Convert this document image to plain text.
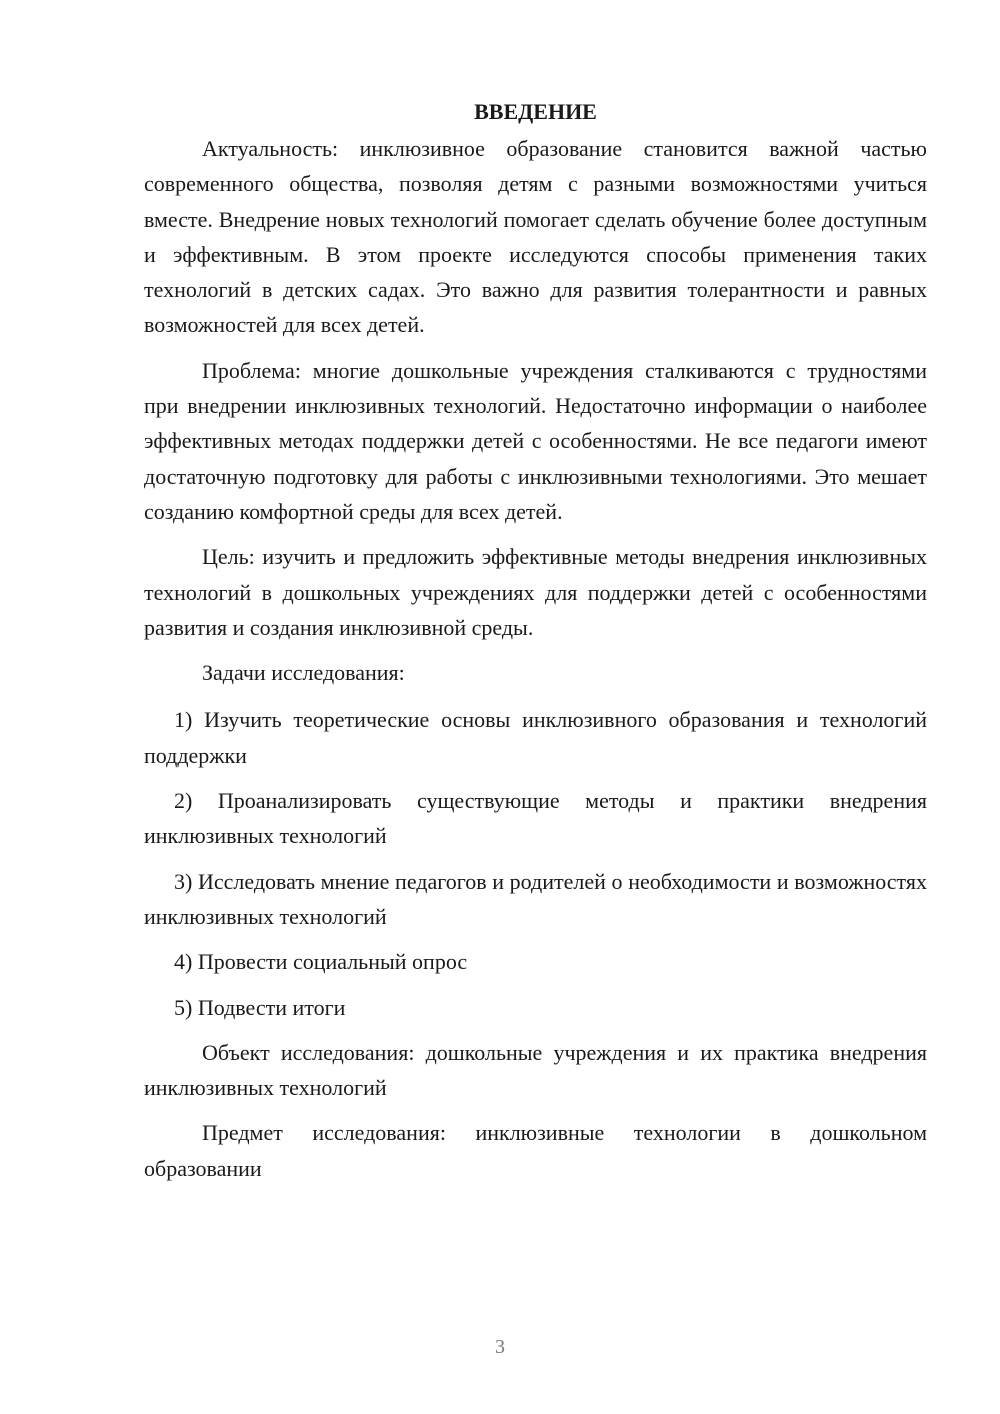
ВВЕДЕНИЕ

Актуальность: инклюзивное образование становится важной частью современного общества, позволяя детям с разными возможностями учиться вместе. Внедрение новых технологий помогает сделать обучение более доступным и эффективным. В этом проекте исследуются способы применения таких технологий в детских садах. Это важно для развития толерантности и равных возможностей для всех детей.

Проблема: многие дошкольные учреждения сталкиваются с трудностями при внедрении инклюзивных технологий. Недостаточно информации о наиболее эффективных методах поддержки детей с особенностями. Не все педагоги имеют достаточную подготовку для работы с инклюзивными технологиями. Это мешает созданию комфортной среды для всех детей.

Цель: изучить и предложить эффективные методы внедрения инклюзивных технологий в дошкольных учреждениях для поддержки детей с особенностями развития и создания инклюзивной среды.

Задачи исследования:

1) Изучить теоретические основы инклюзивного образования и технологий поддержки

2) Проанализировать существующие методы и практики внедрения инклюзивных технологий

3) Исследовать мнение педагогов и родителей о необходимости и возможностях инклюзивных технологий

4) Провести социальный опрос

5) Подвести итоги

Объект исследования: дошкольные учреждения и их практика внедрения инклюзивных технологий

Предмет исследования: инклюзивные технологии в дошкольном образовании

3
